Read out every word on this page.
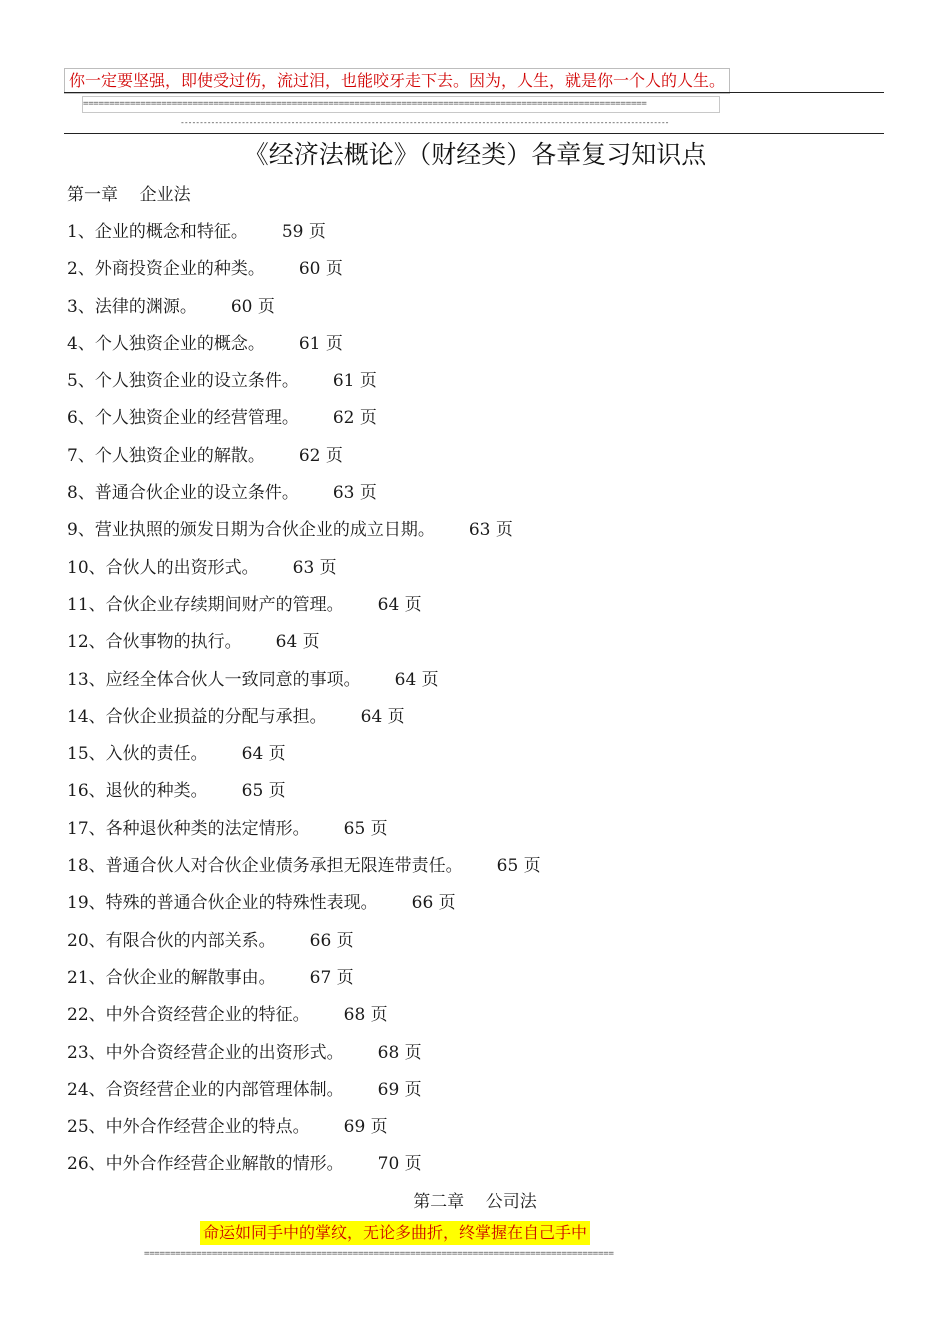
你一定要坚强，即使受过伤，流过泪，也能咬牙走下去。因为，人生，就是你一个人的人生。
============================================================================================================
--------------------------------------------------------------------------------------------------------------------------------
《经济法概论》（财经类）各章复习知识点
第一章    企业法
1、企业的概念和特征。 59 页
2、外商投资企业的种类。 60 页
3、法律的渊源。 60 页
4、个人独资企业的概念。 61 页
5、个人独资企业的设立条件。 61 页
6、个人独资企业的经营管理。 62 页
7、个人独资企业的解散。 62 页
8、普通合伙企业的设立条件。 63 页
9、营业执照的颁发日期为合伙企业的成立日期。 63 页
10、合伙人的出资形式。 63 页
11、合伙企业存续期间财产的管理。 64 页
12、合伙事物的执行。 64 页
13、应经全体合伙人一致同意的事项。 64 页
14、合伙企业损益的分配与承担。 64 页
15、入伙的责任。 64 页
16、退伙的种类。 65 页
17、各种退伙种类的法定情形。 65 页
18、普通合伙人对合伙企业债务承担无限连带责任。 65 页
19、特殊的普通合伙企业的特殊性表现。 66 页
20、有限合伙的内部关系。 66 页
21、合伙企业的解散事由。 67 页
22、中外合资经营企业的特征。 68 页
23、中外合资经营企业的出资形式。 68 页
24、合资经营企业的内部管理体制。 69 页
25、中外合作经营企业的特点。 69 页
26、中外合作经营企业解散的情形。 70 页
第二章    公司法
命运如同手中的掌纹，无论多曲折，终掌握在自己手中
==========================================================================================
